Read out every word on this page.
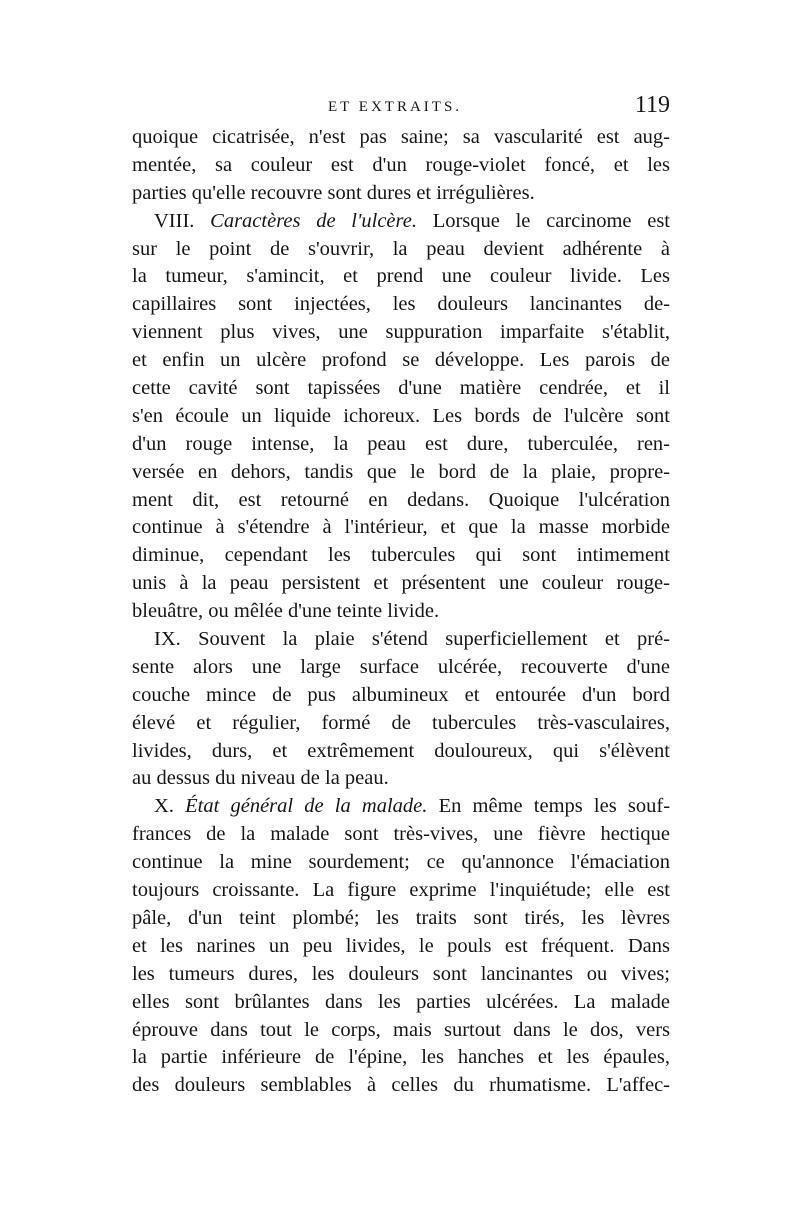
ET EXTRAITS.	119
quoique cicatrisée, n'est pas saine; sa vascularité est aug-
mentée, sa couleur est d'un rouge-violet foncé, et les
parties qu'elle recouvre sont dures et irrégulières.
VIII. Caractères de l'ulcère. Lorsque le carcinome est
sur le point de s'ouvrir, la peau devient adhérente à
la tumeur, s'amincit, et prend une couleur livide. Les
capillaires sont injectées, les douleurs lancinantes de-
viennent plus vives, une suppuration imparfaite s'établit,
et enfin un ulcère profond se développe. Les parois de
cette cavité sont tapissées d'une matière cendrée, et il
s'en écoule un liquide ichoreux. Les bords de l'ulcère sont
d'un rouge intense, la peau est dure, tuberculée, ren-
versée en dehors, tandis que le bord de la plaie, propre-
ment dit, est retourné en dedans. Quoique l'ulcération
continue à s'étendre à l'intérieur, et que la masse morbide
diminue, cependant les tubercules qui sont intimement
unis à la peau persistent et présentent une couleur rouge-
bleuâtre, ou mêlée d'une teinte livide.
IX. Souvent la plaie s'étend superficiellement et pré-
sente alors une large surface ulcérée, recouverte d'une
couche mince de pus albumineux et entourée d'un bord
élevé et régulier, formé de tubercules très-vasculaires,
livides, durs, et extrêmement douloureux, qui s'élèvent
au dessus du niveau de la peau.
X. État général de la malade. En même temps les souf-
frances de la malade sont très-vives, une fièvre hectique
continue la mine sourdement; ce qu'annonce l'émaciation
toujours croissante. La figure exprime l'inquiétude; elle est
pâle, d'un teint plombé; les traits sont tirés, les lèvres
et les narines un peu livides, le pouls est fréquent. Dans
les tumeurs dures, les douleurs sont lancinantes ou vives;
elles sont brûlantes dans les parties ulcérées. La malade
éprouve dans tout le corps, mais surtout dans le dos, vers
la partie inférieure de l'épine, les hanches et les épaules,
des douleurs semblables à celles du rhumatisme. L'affec-
